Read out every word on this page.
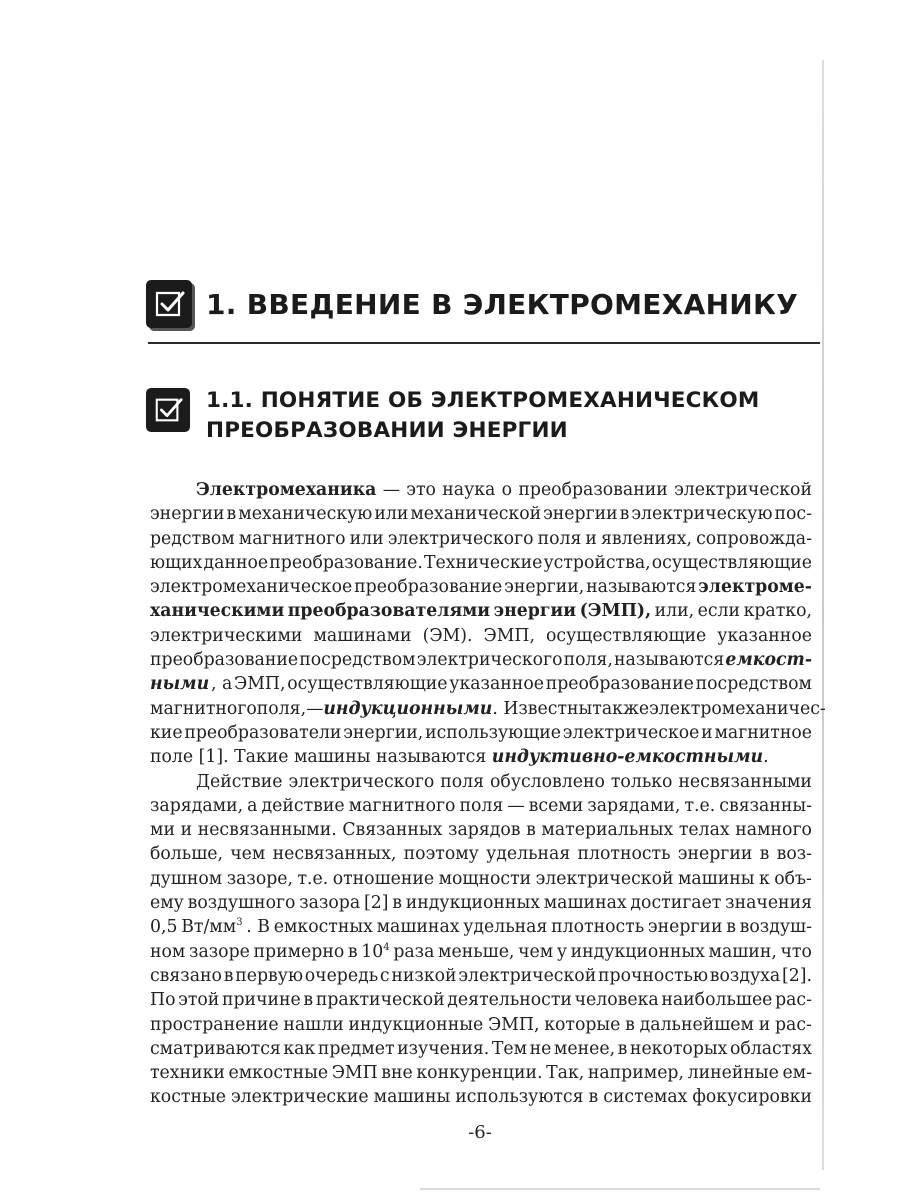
1. ВВЕДЕНИЕ В ЭЛЕКТРОМЕХАНИКУ
1.1. ПОНЯТИЕ ОБ ЭЛЕКТРОМЕХАНИЧЕСКОМ
ПРЕОБРАЗОВАНИИ ЭНЕРГИИ
Электромеханика — это наука о преобразовании электрической
энергии в механическую или механической энергии в электрическую пос-
редством магнитного или электрического поля и явлениях, сопровожда-
ющих данное преобразование. Технические устройства, осуществляющие
электромеханическое преобразование энергии, называются электроме-
ханическими преобразователями энергии (ЭМП), или, если кратко,
электрическими машинами (ЭМ). ЭМП, осуществляющие указанное
преобразование посредством электрического поля, называются емкост-
ными , а ЭМП, осуществляющие указанное преобразование посредством
магнитного поля, — индукционными . Известны также электромеханичес-
кие преобразователи энергии, использующие электрическое и магнитное
поле [1]. Такие машины называются индуктивно-емкостными .
Действие электрического поля обусловлено только несвязанными
зарядами, а действие магнитного поля — всеми зарядами, т.е. связанны-
ми и несвязанными. Связанных зарядов в материальных телах намного
больше, чем несвязанных, поэтому удельная плотность энергии в воз-
душном зазоре, т.е. отношение мощности электрической машины к объ-
ему воздушного зазора [2] в индукционных машинах достигает значения
0,5 $Вт/мм^3$ . В емкостных машинах удельная плотность энергии в воздуш-
ном зазоре примерно в $10^4$ раза меньше, чем у индукционных машин, что
связано в первую очередь с низкой электрической прочностью воздуха [2].
По этой причине в практической деятельности человека наибольшее рас-
пространение нашли индукционные ЭМП, которые в дальнейшем и рас-
сматриваются как предмет изучения. Тем не менее, в некоторых областях
техники емкостные ЭМП вне конкуренции. Так, например, линейные ем-
костные электрические машины используются в системах фокусировки
-6-
